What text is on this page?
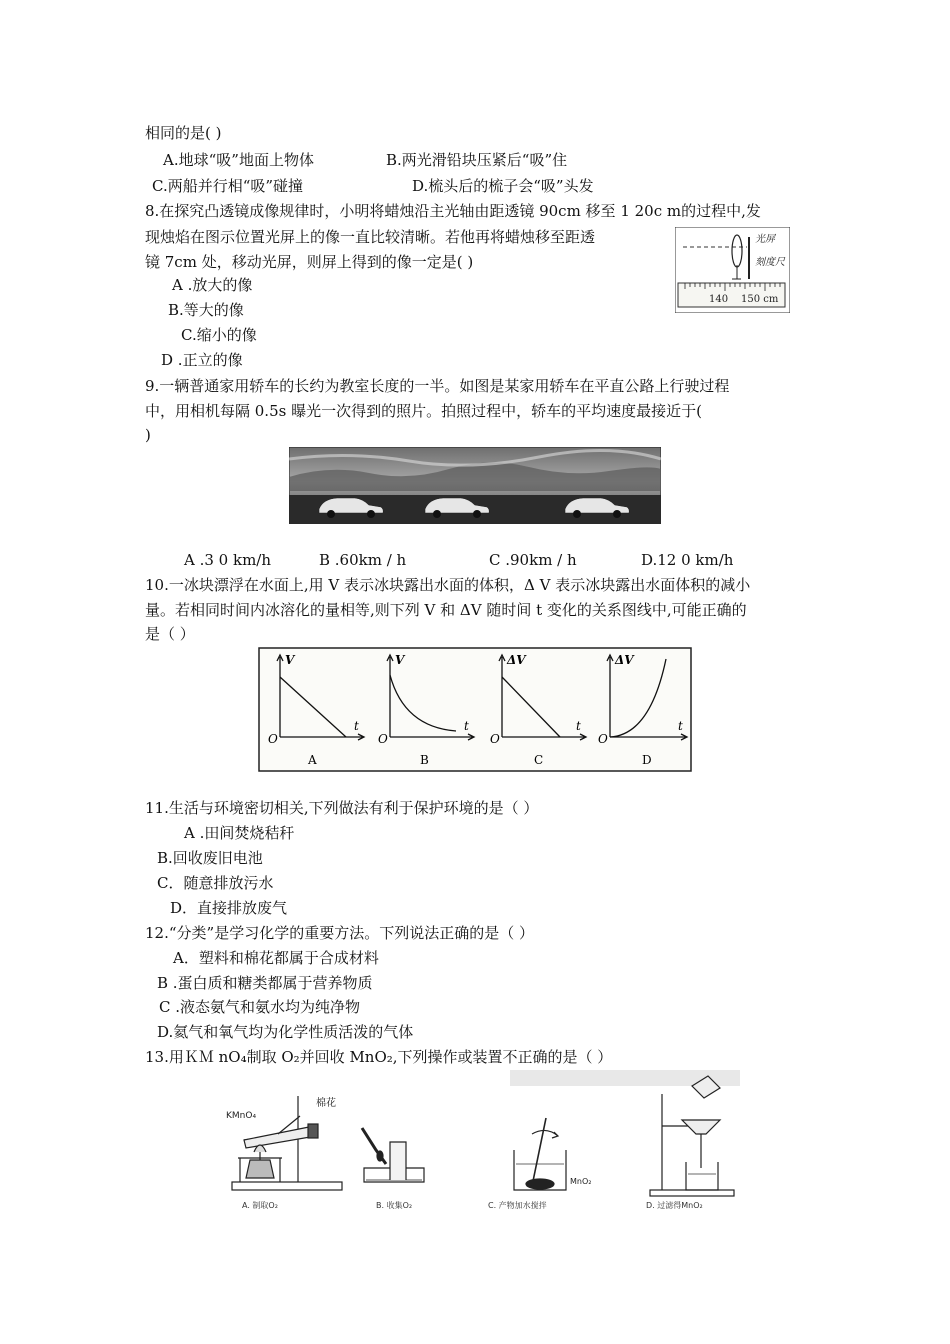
相同的是( )
A.地球“吸”地面上物体	B.两光滑铅块压紧后“吸”住
C.两船并行相“吸”碰撞	D.梳头后的梳子会“吸”头发
8.在探究凸透镜成像规律时，小明将蜡烛沿主光轴由距透镜 90cm 移至 1 20c m的过程中,发
现烛焰在图示位置光屏上的像一直比较清晰。若他再将蜡烛移至距透
镜 7cm 处，移动光屏，则屏上得到的像一定是( )
A .放大的像
B.等大的像
C.缩小的像
D .正立的像
光屏
刻度尺
140 150 cm
9.一辆普通家用轿车的长约为教室长度的一半。如图是某家用轿车在平直公路上行驶过程
中，用相机每隔 0.5s 曝光一次得到的照片。拍照过程中，轿车的平均速度最接近于(
)
A .3 0 km/h	B .60km / h	C .90km / h	D.12 0 km/h
10.一冰块漂浮在水面上,用 V 表示冰块露出水面的体积，Δ V 表示冰块露出水面体积的减小
量。若相同时间内冰溶化的量相等,则下列 V 和 ΔV 随时间 t 变化的关系图线中,可能正确的
是（ ）
V
t
O
A
V
t
O
B
ΔV
t
O
C
ΔV
t
O
D
11.生活与环境密切相关,下列做法有利于保护环境的是（ ）
A .田间焚烧秸秆
B.回收废旧电池
C．随意排放污水
D．直接排放废气
12.“分类”是学习化学的重要方法。下列说法正确的是（ ）
A．塑料和棉花都属于合成材料
B .蛋白质和糖类都属于营养物质
C .液态氨气和氨水均为纯净物
D.氦气和氧气均为化学性质活泼的气体
13.用ＫＭ nO₄制取 O₂并回收 MnO₂,下列操作或装置不正确的是（ ）
KMnO₄
棉花
A. 制取O₂	B. 收集O₂
MnO₂
C. 产物加水搅拌	D. 过滤得MnO₂
